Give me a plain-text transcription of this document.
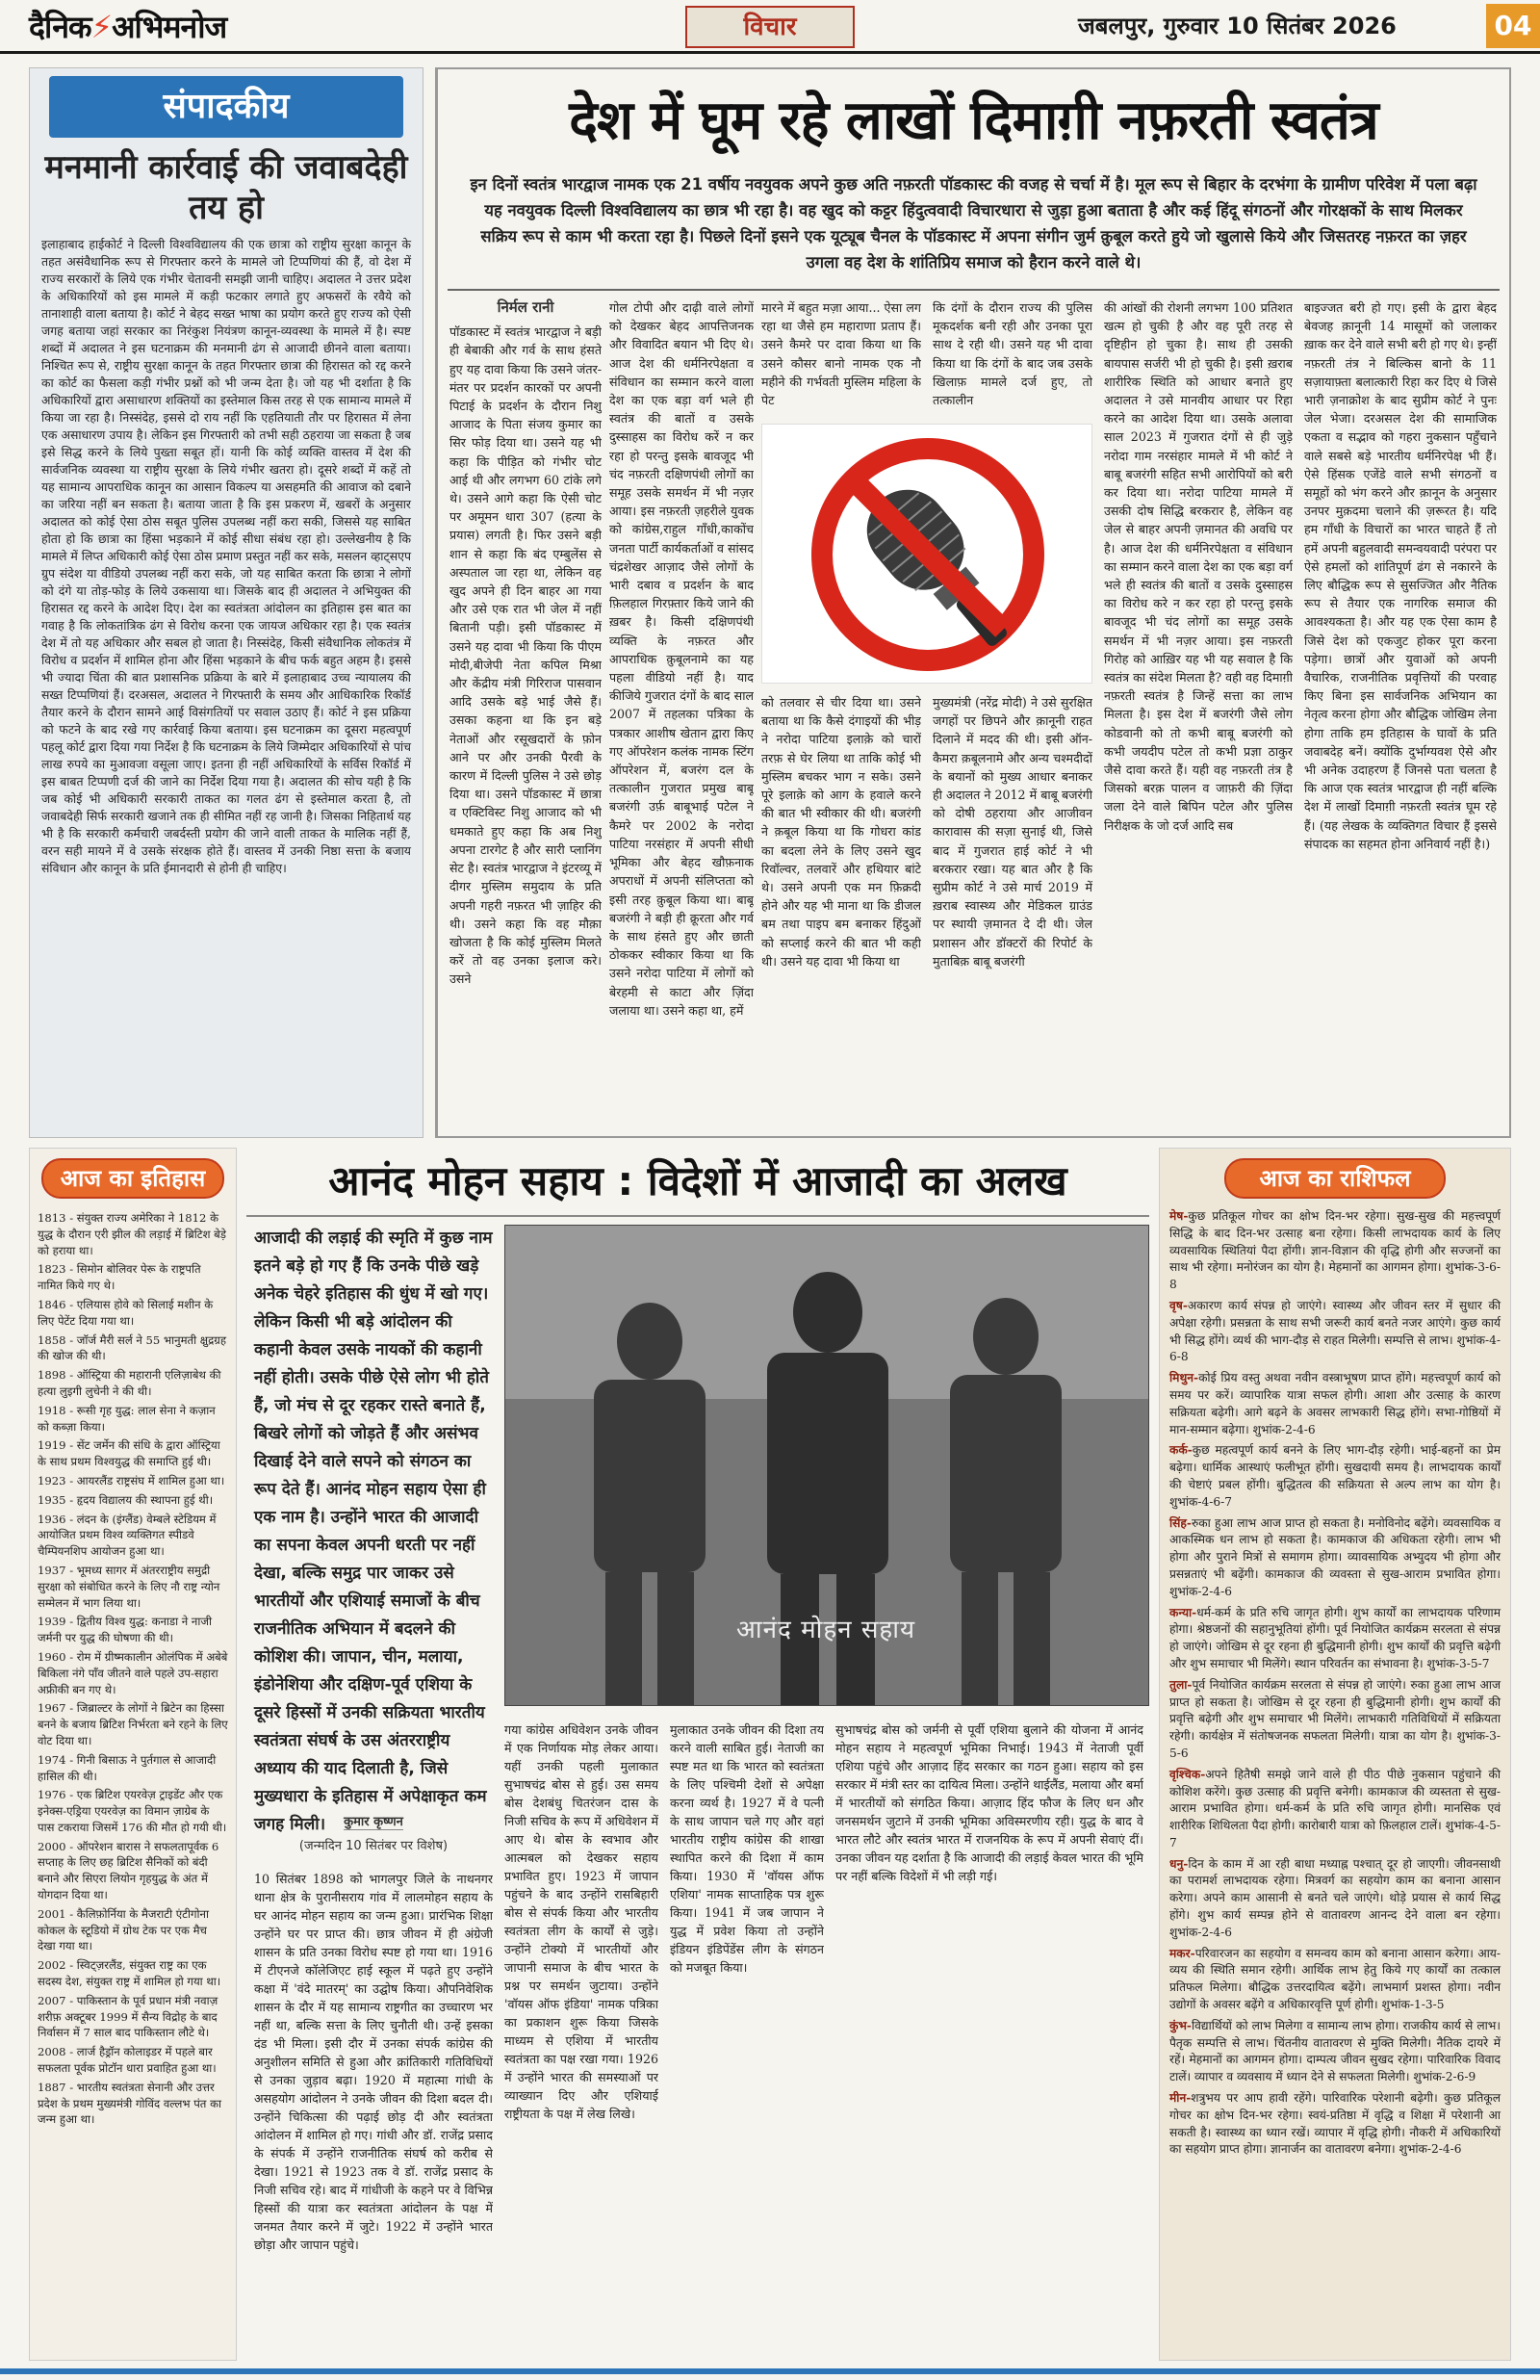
दैनिक⚡अभिमनोज	विचार	जबलपुर, गुरुवार 10 सितंबर 2026	04
संपादकीय
मनमानी कार्रवाई की जवाबदेही तय हो

इलाहाबाद हाईकोर्ट ने दिल्ली विश्वविद्यालय की एक छात्रा को राष्ट्रीय सुरक्षा कानून के तहत असंवैधानिक रूप से गिरफ्तार करने के मामले जो टिप्पणियां की हैं, वो देश में राज्य सरकारों के लिये एक गंभीर चेतावनी समझी जानी चाहिए। अदालत ने उत्तर प्रदेश के अधिकारियों को इस मामले में कड़ी फटकार लगाते हुए अफसरों के रवैये को तानाशाही वाला बताया है। कोर्ट ने बेहद सख्त भाषा का प्रयोग करते हुए राज्य को ऐसी जगह बताया जहां सरकार का निरंकुश नियंत्रण कानून-व्यवस्था के मामले में है। स्पष्ट शब्दों में अदालत ने इस घटनाक्रम की मनमानी ढंग से आजादी छीनने वाला बताया। निश्चित रूप से, राष्ट्रीय सुरक्षा कानून के तहत गिरफ्तार छात्रा की हिरासत को रद्द करने का कोर्ट का फैसला कड़ी गंभीर प्रश्नों को भी जन्म देता है। जो यह भी दर्शाता है कि अधिकारियों द्वारा असाधारण शक्तियों का इस्तेमाल किस तरह से एक सामान्य मामले में किया जा रहा है। निस्संदेह, इससे दो राय नहीं कि एहतियाती तौर पर हिरासत में लेना एक असाधारण उपाय है। लेकिन इस गिरफ्तारी को तभी सही ठहराया जा सकता है जब इसे सिद्ध करने के लिये पुख्ता सबूत हों। यानी कि कोई व्यक्ति वास्तव में देश की सार्वजनिक व्यवस्था या राष्ट्रीय सुरक्षा के लिये गंभीर खतरा हो। दूसरे शब्दों में कहें तो यह सामान्य आपराधिक कानून का आसान विकल्प या असहमति की आवाज को दबाने का जरिया नहीं बन सकता है। बताया जाता है कि इस प्रकरण में, खबरों के अनुसार अदालत को कोई ऐसा ठोस सबूत पुलिस उपलब्ध नहीं करा सकी, जिससे यह साबित होता हो कि छात्रा का हिंसा भड़काने में कोई सीधा संबंध रहा हो। उल्लेखनीय है कि मामले में लिप्त अधिकारी कोई ऐसा ठोस प्रमाण प्रस्तुत नहीं कर सके, मसलन व्हाट्सएप ग्रुप संदेश या वीडियो उपलब्ध नहीं करा सके, जो यह साबित करता कि छात्रा ने लोगों को दंगे या तोड़-फोड़ के लिये उकसाया था। जिसके बाद ही अदालत ने अभियुक्त की हिरासत रद्द करने के आदेश दिए। देश का स्वतंत्रता आंदोलन का इतिहास इस बात का गवाह है कि लोकतांत्रिक ढंग से विरोध करना एक जायज अधिकार रहा है। एक स्वतंत्र देश में तो यह अधिकार और सबल हो जाता है। निस्संदेह, किसी संवैधानिक लोकतंत्र में विरोध व प्रदर्शन में शामिल होना और हिंसा भड़काने के बीच फर्क बहुत अहम है। इससे भी ज्यादा चिंता की बात प्रशासनिक प्रक्रिया के बारे में इलाहाबाद उच्च न्यायालय की सख्त टिप्पणियां हैं। दरअसल, अदालत ने गिरफ्तारी के समय और आधिकारिक रिकॉर्ड तैयार करने के दौरान सामने आई विसंगतियों पर सवाल उठाए हैं। कोर्ट ने इस प्रक्रिया को फटने के बाद रखे गए कार्रवाई किया बताया। इस घटनाक्रम का दूसरा महत्वपूर्ण पहलू कोर्ट द्वारा दिया गया निर्देश है कि घटनाक्रम के लिये जिम्मेदार अधिकारियों से पांच लाख रुपये का मुआवजा वसूला जाए। इतना ही नहीं अधिकारियों के सर्विस रिकॉर्ड में इस बाबत टिप्पणी दर्ज की जाने का निर्देश दिया गया है। अदालत की सोच यही है कि जब कोई भी अधिकारी सरकारी ताकत का गलत ढंग से इस्तेमाल करता है, तो जवाबदेही सिर्फ सरकारी खजाने तक ही सीमित नहीं रह जानी है। जिसका निहितार्थ यह भी है कि सरकारी कर्मचारी जबर्दस्ती प्रयोग की जाने वाली ताकत के मालिक नहीं हैं, वरन सही मायने में वे उसके संरक्षक होते हैं। वास्तव में उनकी निष्ठा सत्ता के बजाय संविधान और कानून के प्रति ईमानदारी से होनी ही चाहिए।

देश में घूम रहे लाखों दिमाग़ी नफ़रती स्वतंत्र

इन दिनों स्वतंत्र भारद्वाज नामक एक 21 वर्षीय नवयुवक अपने कुछ अति नफ़रती पॉडकास्ट की वजह से चर्चा में है। मूल रूप से बिहार के दरभंगा के ग्रामीण परिवेश में पला बढ़ा यह नवयुवक दिल्ली विश्वविद्यालय का छात्र भी रहा है। वह खुद को कट्टर हिंदुत्ववादी विचारधारा से जुड़ा हुआ बताता है और कई हिंदू संगठनों और गोरक्षकों के साथ मिलकर सक्रिय रूप से काम भी करता रहा है। पिछले दिनों इसने एक यूट्यूब चैनल के पॉडकास्ट में अपना संगीन जुर्म क़ुबूल करते हुये जो खुलासे किये और जिसतरह नफ़रत का ज़हर उगला वह देश के शांतिप्रिय समाज को हैरान करने वाले थे।

निर्मल रानी

पॉडकास्ट में स्वतंत्र भारद्वाज ने बड़ी ही बेबाकी और गर्व के साथ हंसते हुए यह दावा किया कि उसने जंतर-मंतर पर प्रदर्शन कारकों पर अपनी पिटाई के प्रदर्शन के दौरान निशु आजाद के पिता संजय कुमार का सिर फोड़ दिया था। उसने यह भी कहा कि पीड़ित को गंभीर चोट आई थी और लगभग 60 टांके लगे थे। उसने आगे कहा कि ऐसी चोट पर अमूमन धारा 307 (हत्या के प्रयास) लगती है। फिर उसने बड़ी शान से कहा कि बंद एम्बुलेंस से अस्पताल जा रहा था, लेकिन वह खुद अपने ही दिन बाहर आ गया और उसे एक रात भी जेल में नहीं बितानी पड़ी। इसी पॉडकास्ट में उसने यह दावा भी किया कि पीएम मोदी,बीजेपी नेता कपिल मिश्रा और केंद्रीय मंत्री गिरिराज पासवान आदि उसके बड़े भाई जैसे हैं। उसका कहना था कि इन बड़े नेताओं और रसूखदारों के फ़ोन आने पर और उनकी पैरवी के कारण में दिल्ली पुलिस ने उसे छोड़ दिया था। उसने पॉडकास्ट में छात्रा व एक्टिविस्ट निशु आजाद को भी धमकाते हुए कहा कि अब निशु अपना टारगेट है और सारी प्लानिंग सेट है। स्वतंत्र भारद्वाज ने इंटरव्यू में दीगर मुस्लिम समुदाय के प्रति अपनी गहरी नफ़रत भी ज़ाहिर की थी। उसने कहा कि वह मौक़ा खोजता है कि कोई मुस्लिम मिलते करें तो वह उनका इलाज करे। उसने

गोल टोपी और दाढ़ी वाले लोगों को देखकर बेहद आपत्तिजनक और विवादित बयान भी दिए थे। आज देश की धर्मनिरपेक्षता व संविधान का सम्मान करने वाला देश का एक बड़ा वर्ग भले ही स्वतंत्र की बातों व उसके दुस्साहस का विरोध करें न कर रहा हो परन्तु इसके बावजूद भी चंद नफ़रती दक्षिणपंथी लोगों का समूह उसके समर्थन में भी नज़र आया। इस नफ़रती ज़हरीले युवक को कांग्रेस,राहुल गाँधी,काकोंच जनता पार्टी कार्यकर्ताओं व सांसद चंद्रशेखर आज़ाद जैसे लोगों के भारी दबाव व प्रदर्शन के बाद फ़िलहाल गिरफ़्तार किये जाने की ख़बर है। किसी दक्षिणपंथी व्यक्ति के नफ़रत और आपराधिक क़ुबूलनामे का यह पहला वीडियो नहीं है। याद कीजिये गुजरात दंगों के बाद साल 2007 में तहलका पत्रिका के पत्रकार आशीष खेतान द्वारा किए गए ऑपरेशन कलंक नामक स्टिंग ऑपरेशन में, बजरंग दल के तत्कालीन गुजरात प्रमुख बाबू बजरंगी उर्फ़ बाबूभाई पटेल ने कैमरे पर 2002 के नरोदा पाटिया नरसंहार में अपनी सीधी भूमिका और बेहद खौफ़नाक अपराधों में अपनी संलिप्तता को इसी तरह क़ुबूल किया था। बाबू बजरंगी ने बड़ी ही क्रूरता और गर्व के साथ हंसते हुए और छाती ठोककर स्वीकार किया था कि उसने नरोदा पाटिया में लोगों को बेरहमी से काटा और ज़िंदा जलाया था। उसने कहा था, हमें

मारने में बहुत मज़ा आया... ऐसा लग रहा था जैसे हम महाराणा प्रताप हैं। उसने कैमरे पर दावा किया था कि उसने कौसर बानो नामक एक नौ महीने की गर्भवती मुस्लिम महिला के पेट

कि दंगों के दौरान राज्य की पुलिस मूकदर्शक बनी रही और उनका पूरा साथ दे रही थी। उसने यह भी दावा किया था कि दंगों के बाद जब उसके खिलाफ़ मामले दर्ज हुए, तो तत्कालीन

को तलवार से चीर दिया था। उसने बताया था कि कैसे दंगाइयों की भीड़ ने नरोदा पाटिया इलाक़े को चारों तरफ़ से घेर लिया था ताकि कोई भी मुस्लिम बचकर भाग न सके। उसने पूरे इलाक़े को आग के हवाले करने की बात भी स्वीकार की थी। बजरंगी ने क़बूल किया था कि गोधरा कांड का बदला लेने के लिए उसने खुद रिवॉल्वर, तलवारें और हथियार बांटे थे। उसने अपनी एक मन फ़िक्रदी होने और यह भी माना था कि डीजल बम तथा पाइप बम बनाकर हिंदुओं को सप्लाई करने की बात भी कही थी। उसने यह दावा भी किया था

मुख्यमंत्री (नरेंद्र मोदी) ने उसे सुरक्षित जगहों पर छिपने और क़ानूनी राहत दिलाने में मदद की थी। इसी ऑन-कैमरा क़बूलनामे और अन्य चश्मदीदों के बयानों को मुख्य आधार बनाकर ही अदालत ने 2012 में बाबू बजरंगी को दोषी ठहराया और आजीवन कारावास की सज़ा सुनाई थी, जिसे बाद में गुजरात हाई कोर्ट ने भी बरकरार रखा। यह बात और है कि सुप्रीम कोर्ट ने उसे मार्च 2019 में ख़राब स्वास्थ्य और मेडिकल ग्राउंड पर स्थायी ज़मानत दे दी थी। जेल प्रशासन और डॉक्टरों की रिपोर्ट के मुताबिक़ बाबू बजरंगी

की आंखों की रोशनी लगभग 100 प्रतिशत खत्म हो चुकी है और वह पूरी तरह से दृष्टिहीन हो चुका है। साथ ही उसकी बायपास सर्जरी भी हो चुकी है। इसी ख़राब शारीरिक स्थिति को आधार बनाते हुए अदालत ने उसे मानवीय आधार पर रिहा करने का आदेश दिया था। उसके अलावा साल 2023 में गुजरात दंगों से ही जुड़े नरोदा गाम नरसंहार मामले में भी कोर्ट ने बाबू बजरंगी सहित सभी आरोपियों को बरी कर दिया था। नरोदा पाटिया मामले में उसकी दोष सिद्धि बरकरार है, लेकिन वह जेल से बाहर अपनी ज़मानत की अवधि पर है। आज देश की धर्मनिरपेक्षता व संविधान का सम्मान करने वाला देश का एक बड़ा वर्ग भले ही स्वतंत्र की बातों व उसके दुस्साहस का विरोध करे न कर रहा हो परन्तु इसके बावजूद भी चंद लोगों का समूह उसके समर्थन में भी नज़र आया। इस नफ़रती गिरोह को आख़िर यह भी यह सवाल है कि स्वतंत्र का संदेश मिलता है? वही वह दिमाग़ी नफ़रती स्वतंत्र है जिन्हें सत्ता का लाभ मिलता है। इस देश में बजरंगी जैसे लोग कोडवानी को तो कभी बाबू बजरंगी को कभी जयदीप पटेल तो कभी प्रज्ञा ठाकुर जैसे दावा करते हैं। यही वह नफ़रती तंत्र है जिसको बरक़ पालन व जाफ़री की ज़िंदा जला देने वाले बिपिन पटेल और पुलिस निरीक्षक के जो दर्ज आदि सब

बाइज्जत बरी हो गए। इसी के द्वारा बेहद बेवजह क़ानूनी 14 मासूमों को जलाकर ख़ाक कर देने वाले सभी बरी हो गए थे। इन्हीं नफ़रती तंत्र ने बिल्किस बानो के 11 सज़ायाफ़्ता बलात्कारी रिहा कर दिए थे जिसे भारी ज़नाक्रोश के बाद सुप्रीम कोर्ट ने पुनः जेल भेजा। दरअसल देश की सामाजिक एकता व सद्भाव को गहरा नुकसान पहुँचाने वाले सबसे बड़े भारतीय धर्मनिरपेक्ष भी हैं। ऐसे हिंसक एजेंडे वाले सभी संगठनों व समूहों को भंग करने और क़ानून के अनुसार उनपर मुक़दमा चलाने की ज़रूरत है। यदि हम गाँधी के विचारों का भारत चाहते हैं तो हमें अपनी बहुलवादी समन्वयवादी परंपरा पर ऐसे हमलों को शांतिपूर्ण ढंग से नकारने के लिए बौद्धिक रूप से सुसज्जित और नैतिक रूप से तैयार एक नागरिक समाज की आवश्यकता है। और यह एक ऐसा काम है जिसे देश को एकजुट होकर पूरा करना पड़ेगा। छात्रों और युवाओं को अपनी वैचारिक, राजनीतिक प्रवृत्तियों की परवाह किए बिना इस सार्वजनिक अभियान का नेतृत्व करना होगा और बौद्धिक जोखिम लेना होगा ताकि हम इतिहास के घावों के प्रति जवाबदेह बनें। क्योंकि दुर्भाग्यवश ऐसे और भी अनेक उदाहरण हैं जिनसे पता चलता है कि आज एक स्वतंत्र भारद्वाज ही नहीं बल्कि देश में लाखों दिमाग़ी नफ़रती स्वतंत्र घूम रहे हैं। (यह लेखक के व्यक्तिगत विचार हैं इससे संपादक का सहमत होना अनिवार्य नहीं है।)

आज का इतिहास
1813 - संयुक्त राज्य अमेरिका ने 1812 के युद्ध के दौरान एरी झील की लड़ाई में ब्रिटिश बेड़े को हराया था।
1823 - सिमोन बोलिवर पेरू के राष्ट्रपति नामित किये गए थे।
1846 - एलियास होवे को सिलाई मशीन के लिए पेटेंट दिया गया था।
1858 - जॉर्ज मैरी सर्ल ने 55 भानुमती क्षुद्रग्रह की खोज की थी।
1898 - ऑस्ट्रिया की महारानी एलिज़ाबेथ की हत्या लुइगी लुचेनी ने की थी।
1918 - रूसी गृह युद्ध: लाल सेना ने कज़ान को कब्ज़ा किया।
1919 - सेंट जर्मेन की संधि के द्वारा ऑस्ट्रिया के साथ प्रथम विश्वयुद्ध की समाप्ति हुई थी।
1923 - आयरलैंड राष्ट्रसंघ में शामिल हुआ था।
1935 - हृदय विद्यालय की स्थापना हुई थी।
1936 - लंदन के (इंग्लैंड) वेम्बले स्टेडियम में आयोजित प्रथम विश्व व्यक्तिगत स्पीडवे चैम्पियनशिप आयोजन हुआ था।
1937 - भूमध्य सागर में अंतरराष्ट्रीय समुद्री सुरक्षा को संबोधित करने के लिए नौ राष्ट्र न्योन सम्मेलन में भाग लिया था।
1939 - द्वितीय विश्व युद्ध: कनाडा ने नाजी जर्मनी पर युद्ध की घोषणा की थी।
1960 - रोम में ग्रीष्मकालीन ओलंपिक में अबेबे बिकिला नंगे पाँव जीतने वाले पहले उप-सहारा अफ्रीकी बन गए थे।
1967 - जिब्राल्टर के लोगों ने ब्रिटेन का हिस्सा बनने के बजाय ब्रिटिश निर्भरता बने रहने के लिए वोट दिया था।
1974 - गिनी बिसाऊ ने पुर्तगाल से आजादी हासिल की थी।
1976 - एक ब्रिटिश एयरवेज़ ट्राइडेंट और एक इनेक्स-एड्रिया एयरवेज़ का विमान ज़ाग्रेब के पास टकराया जिसमें 176 की मौत हो गयी थी।
2000 - ऑपरेशन बारास ने सफलतापूर्वक 6 सप्ताह के लिए छह ब्रिटिश सैनिकों को बंदी बनाने और सिएरा लियोन गृहयुद्ध के अंत में योगदान दिया था।
2001 - कैलिफ़ोर्निया के मैजराटी एंटीगोना कोकल के स्टूडियो में ग्रोथ टेक पर एक मैच देखा गया था।
2002 - स्विट्ज़रलैंड, संयुक्त राष्ट्र का एक सदस्य देश, संयुक्त राष्ट्र में शामिल हो गया था।
2007 - पाकिस्तान के पूर्व प्रधान मंत्री नवाज़ शरीफ़ अक्टूबर 1999 में सैन्य विद्रोह के बाद निर्वासन में 7 साल बाद पाकिस्तान लौटे थे।
2008 - लार्ज हैड्रॉन कोलाइडर में पहले बार सफलता पूर्वक प्रोटॉन धारा प्रवाहित हुआ था।
1887 - भारतीय स्वतंत्रता सेनानी और उत्तर प्रदेश के प्रथम मुख्यमंत्री गोविंद वल्लभ पंत का जन्म हुआ था।
आनंद मोहन सहाय : विदेशों में आजादी का अलख
आजादी की लड़ाई की स्मृति में कुछ नाम इतने बड़े हो गए हैं कि उनके पीछे खड़े अनेक चेहरे इतिहास की धुंध में खो गए। लेकिन किसी भी बड़े आंदोलन की कहानी केवल उसके नायकों की कहानी नहीं होती। उसके पीछे ऐसे लोग भी होते हैं, जो मंच से दूर रहकर रास्ते बनाते हैं, बिखरे लोगों को जोड़ते हैं और असंभव दिखाई देने वाले सपने को संगठन का रूप देते हैं। आनंद मोहन सहाय ऐसा ही एक नाम है। उन्होंने भारत की आजादी का सपना केवल अपनी धरती पर नहीं देखा, बल्कि समुद्र पार जाकर उसे भारतीयों और एशियाई समाजों के बीच राजनीतिक अभियान में बदलने की कोशिश की। जापान, चीन, मलाया, इंडोनेशिया और दक्षिण-पूर्व एशिया के दूसरे हिस्सों में उनकी सक्रियता भारतीय स्वतंत्रता संघर्ष के उस अंतरराष्ट्रीय अध्याय की याद दिलाती है, जिसे मुख्यधारा के इतिहास में अपेक्षाकृत कम जगह मिली।
आनंद मोहन सहाय
कुमार कृष्णन

(जन्मदिन 10 सितंबर पर विशेष)

10 सितंबर 1898 को भागलपुर जिले के नाथनगर थाना क्षेत्र के पुरानीसराय गांव में लालमोहन सहाय के घर आनंद मोहन सहाय का जन्म हुआ। प्रारंभिक शिक्षा उन्होंने घर पर प्राप्त की। छात्र जीवन में ही अंग्रेजी शासन के प्रति उनका विरोध स्पष्ट हो गया था। 1916 में टीएनजे कॉलेजिएट हाई स्कूल में पढ़ते हुए उन्होंने कक्षा में 'वंदे मातरम्' का उद्घोष किया। औपनिवेशिक शासन के दौर में यह सामान्य राष्ट्रगीत का उच्चारण भर नहीं था, बल्कि सत्ता के लिए चुनौती थी। उन्हें इसका दंड भी मिला। इसी दौर में उनका संपर्क कांग्रेस की अनुशीलन समिति से हुआ और क्रांतिकारी गतिविधियों से उनका जुड़ाव बढ़ा। 1920 में महात्मा गांधी के असहयोग आंदोलन ने उनके जीवन की दिशा बदल दी। उन्होंने चिकित्सा की पढ़ाई छोड़ दी और स्वतंत्रता आंदोलन में शामिल हो गए। गांधी और डॉ. राजेंद्र प्रसाद के संपर्क में उन्होंने राजनीतिक संघर्ष को करीब से देखा। 1921 से 1923 तक वे डॉ. राजेंद्र प्रसाद के निजी सचिव रहे। बाद में गांधीजी के कहने पर वे विभिन्न हिस्सों की यात्रा कर स्वतंत्रता आंदोलन के पक्ष में जनमत तैयार करने में जुटे। 1922 में उन्होंने भारत छोड़ा और जापान पहुंचे।

गया कांग्रेस अधिवेशन उनके जीवन में एक निर्णायक मोड़ लेकर आया। यहीं उनकी पहली मुलाकात सुभाषचंद्र बोस से हुई। उस समय बोस देशबंधु चितरंजन दास के निजी सचिव के रूप में अधिवेशन में आए थे। बोस के स्वभाव और आत्मबल को देखकर सहाय प्रभावित हुए। 1923 में जापान पहुंचने के बाद उन्होंने रासबिहारी बोस से संपर्क किया और भारतीय स्वतंत्रता लीग के कार्यों से जुड़े। उन्होंने टोक्यो में भारतीयों और जापानी समाज के बीच भारत के प्रश्न पर समर्थन जुटाया। उन्होंने 'वॉयस ऑफ इंडिया' नामक पत्रिका का प्रकाशन शुरू किया जिसके माध्यम से एशिया में भारतीय स्वतंत्रता का पक्ष रखा गया। 1926 में उन्होंने भारत की समस्याओं पर व्याख्यान दिए और एशियाई राष्ट्रीयता के पक्ष में लेख लिखे।

मुलाकात उनके जीवन की दिशा तय करने वाली साबित हुई। नेताजी का स्पष्ट मत था कि भारत को स्वतंत्रता के लिए पश्चिमी देशों से अपेक्षा करना व्यर्थ है। 1927 में वे पत्नी के साथ जापान चले गए और वहां भारतीय राष्ट्रीय कांग्रेस की शाखा स्थापित करने की दिशा में काम किया। 1930 में 'वॉयस ऑफ एशिया' नामक साप्ताहिक पत्र शुरू किया। 1941 में जब जापान ने युद्ध में प्रवेश किया तो उन्होंने इंडियन इंडिपेंडेंस लीग के संगठन को मजबूत किया।

सुभाषचंद्र बोस को जर्मनी से पूर्वी एशिया बुलाने की योजना में आनंद मोहन सहाय ने महत्वपूर्ण भूमिका निभाई। 1943 में नेताजी पूर्वी एशिया पहुंचे और आज़ाद हिंद सरकार का गठन हुआ। सहाय को इस सरकार में मंत्री स्तर का दायित्व मिला। उन्होंने थाईलैंड, मलाया और बर्मा में भारतीयों को संगठित किया। आज़ाद हिंद फौज के लिए धन और जनसमर्थन जुटाने में उनकी भूमिका अविस्मरणीय रही। युद्ध के बाद वे भारत लौटे और स्वतंत्र भारत में राजनयिक के रूप में अपनी सेवाएं दीं। उनका जीवन यह दर्शाता है कि आजादी की लड़ाई केवल भारत की भूमि पर नहीं बल्कि विदेशों में भी लड़ी गई।

आज का राशिफल

मेष-कुछ प्रतिकूल गोचर का क्षोभ दिन-भर रहेगा। सुख-सुख की महत्त्वपूर्ण सिद्धि के बाद दिन-भर उत्साह बना रहेगा। किसी लाभदायक कार्य के लिए व्यवसायिक स्थितियां पैदा होंगी। ज्ञान-विज्ञान की वृद्धि होगी और सज्जनों का साथ भी रहेगा। मनोरंजन का योग है। मेहमानों का आगमन होगा। शुभांक-3-6-8

वृष-अकारण कार्य संपन्न हो जाएंगे। स्वास्थ्य और जीवन स्तर में सुधार की अपेक्षा रहेगी। प्रसन्नता के साथ सभी जरूरी कार्य बनते नजर आएंगे। कुछ कार्य भी सिद्ध होंगे। व्यर्थ की भाग-दौड़ से राहत मिलेगी। सम्पत्ति से लाभ। शुभांक-4-6-8

मिथुन-कोई प्रिय वस्तु अथवा नवीन वस्त्राभूषण प्राप्त होंगे। महत्त्वपूर्ण कार्य को समय पर करें। व्यापारिक यात्रा सफल होगी। आशा और उत्साह के कारण सक्रियता बढ़ेगी। आगे बढ़ने के अवसर लाभकारी सिद्ध होंगे। सभा-गोष्ठियों में मान-सम्मान बढ़ेगा। शुभांक-2-4-6

कर्क-कुछ महत्वपूर्ण कार्य बनने के लिए भाग-दौड़ रहेगी। भाई-बहनों का प्रेम बढ़ेगा। धार्मिक आस्थाएं फलीभूत होंगी। सुखदायी समय है। लाभदायक कार्यों की चेष्टाएं प्रबल होंगी। बुद्धितत्व की सक्रियता से अल्प लाभ का योग है। शुभांक-4-6-7

सिंह-रुका हुआ लाभ आज प्राप्त हो सकता है। मनोविनोद बढ़ेंगे। व्यवसायिक व आकस्मिक धन लाभ हो सकता है। कामकाज की अधिकता रहेगी। लाभ भी होगा और पुराने मित्रों से समागम होगा। व्यावसायिक अभ्युदय भी होगा और प्रसन्नताएं भी बढ़ेंगी। कामकाज की व्यवस्ता से सुख-आराम प्रभावित होगा। शुभांक-2-4-6

कन्या-धर्म-कर्म के प्रति रुचि जागृत होगी। शुभ कार्यों का लाभदायक परिणाम होगा। श्रेष्ठजनों की सहानुभूतियां होंगी। पूर्व नियोजित कार्यक्रम सरलता से संपन्न हो जाएंगे। जोखिम से दूर रहना ही बुद्धिमानी होगी। शुभ कार्यों की प्रवृत्ति बढ़ेगी और शुभ समाचार भी मिलेंगे। स्थान परिवर्तन का संभावना है। शुभांक-3-5-7

तुला-पूर्व नियोजित कार्यक्रम सरलता से संपन्न हो जाएंगे। रुका हुआ लाभ आज प्राप्त हो सकता है। जोखिम से दूर रहना ही बुद्धिमानी होगी। शुभ कार्यों की प्रवृत्ति बढ़ेगी और शुभ समाचार भी मिलेंगे। लाभकारी गतिविधियों में सक्रियता रहेगी। कार्यक्षेत्र में संतोषजनक सफलता मिलेगी। यात्रा का योग है। शुभांक-3-5-6

वृश्चिक-अपने हितैषी समझे जाने वाले ही पीठ पीछे नुकसान पहुंचाने की कोशिश करेंगे। कुछ उत्साह की प्रवृत्ति बनेगी। कामकाज की व्यस्तता से सुख-आराम प्रभावित होगा। धर्म-कर्म के प्रति रुचि जागृत होगी। मानसिक एवं शारीरिक शिथिलता पैदा होगी। कारोबारी यात्रा को फ़िलहाल टालें। शुभांक-4-5-7

धनु-दिन के काम में आ रही बाधा मध्याह्न पश्चात् दूर हो जाएगी। जीवनसाथी का परामर्श लाभदायक रहेगा। मित्रवर्ग का सहयोग काम का बनाना आसान करेगा। अपने काम आसानी से बनते चले जाएंगे। थोड़े प्रयास से कार्य सिद्ध होंगे। शुभ कार्य सम्पन्न होने से वातावरण आनन्द देने वाला बन रहेगा। शुभांक-2-4-6

मकर-परिवारजन का सहयोग व समन्वय काम को बनाना आसान करेगा। आय-व्यय की स्थिति समान रहेगी। आर्थिक लाभ हेतु किये गए कार्यों का तत्काल प्रतिफल मिलेगा। बौद्धिक उत्तरदायित्व बढ़ेंगे। लाभमार्ग प्रशस्त होगा। नवीन उद्योगों के अवसर बढ़ेंगे व अधिकारवृत्ति पूर्ण होगी। शुभांक-1-3-5

कुंभ-विद्यार्थियों को लाभ मिलेगा व सामान्य लाभ होगा। राजकीय कार्य से लाभ। पैतृक सम्पत्ति से लाभ। चिंतनीय वातावरण से मुक्ति मिलेगी। नैतिक दायरे में रहें। मेहमानों का आगमन होगा। दाम्पत्य जीवन सुखद रहेगा। पारिवारिक विवाद टालें। व्यापार व व्यवसाय में ध्यान देने से सफलता मिलेगी। शुभांक-2-6-9

मीन-शत्रुभय पर आप हावी रहेंगे। पारिवारिक परेशानी बढ़ेगी। कुछ प्रतिकूल गोचर का क्षोभ दिन-भर रहेगा। स्वयं-प्रतिष्ठा में वृद्धि व शिक्षा में परेशानी आ सकती है। स्वास्थ्य का ध्यान रखें। व्यापार में वृद्धि होगी। नौकरी में अधिकारियों का सहयोग प्राप्त होगा। ज्ञानार्जन का वातावरण बनेगा। शुभांक-2-4-6
